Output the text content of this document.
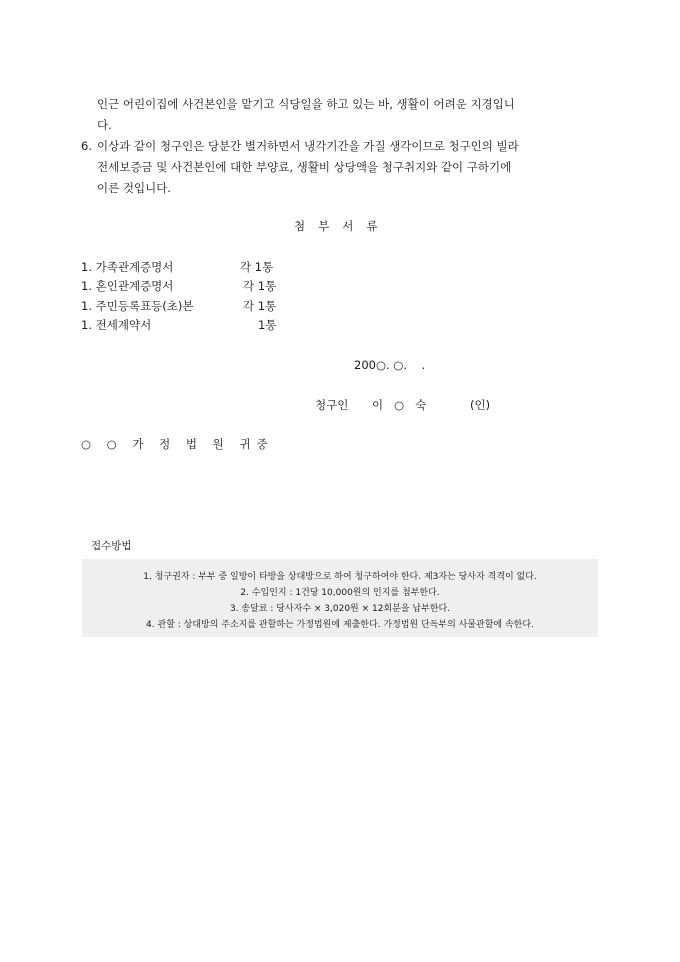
인근 어린이집에 사건본인을 맡기고 식당일을 하고 있는 바, 생활이 어려운 지경입니
다.
6. 이상과 같이 청구인은 당분간 별거하면서 냉각기간을 가질 생각이므로 청구인의 빌라
전세보증금 및 사건본인에 대한 부양료, 생활비 상당액을 청구취지와 같이 구하기에
이른 것입니다.
첨부서류
1. 가족관계증명서	각 1통
1. 혼인관계증명서	각 1통
1. 주민등록표등(초)본	각 1통
1. 전세계약서	1통
200○. ○.    .
청구인 이   ○   숙	(인)
○ ○ 가 정 법 원 귀중
접수방법
1. 청구권자 : 부부 중 일방이 타방을 상대방으로 하여 청구하여야 한다. 제3자는 당사자 격격이 없다.
2. 수입인지 : 1건당 10,000원의 인지를 첨부한다.
3. 송달료 : 당사자수 × 3,020원 × 12회분을 납부한다.
4. 관할 : 상대방의 주소지를 관할하는 가정법원에 제출한다. 가정법원 단독부의 사물관할에 속한다.
